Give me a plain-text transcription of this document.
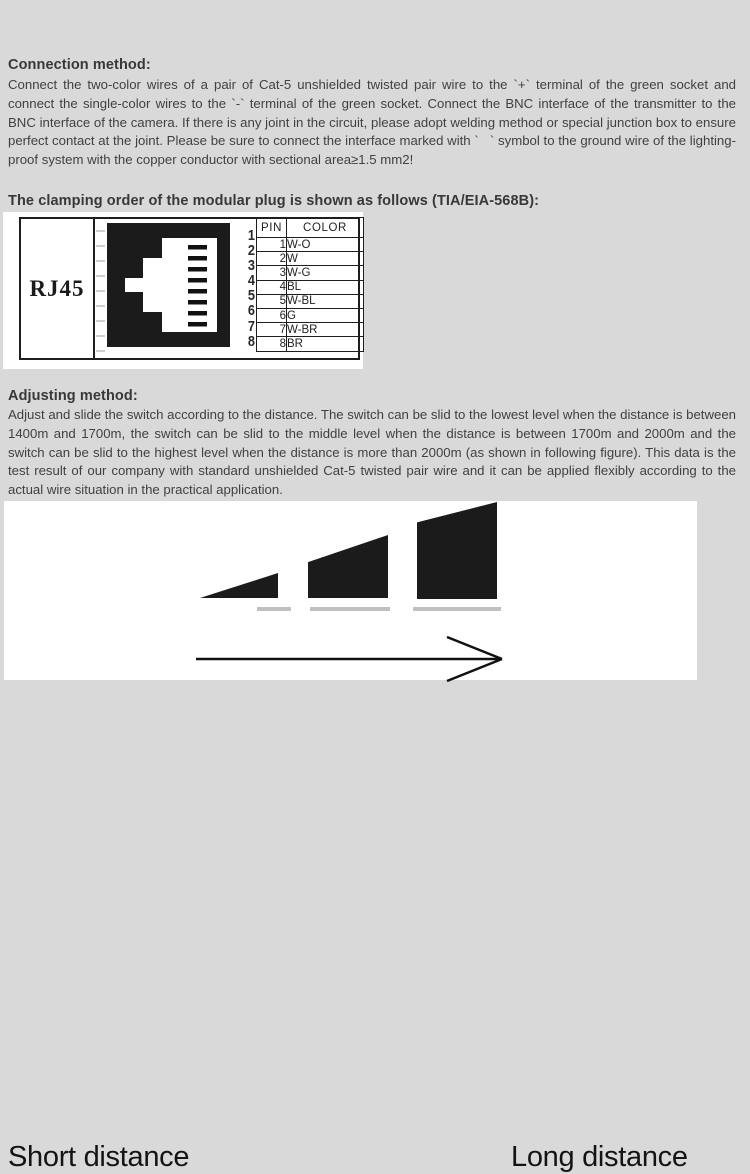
Connection method:
Connect the two-color wires of a pair of Cat-5 unshielded twisted pair wire to the `+` terminal of the green socket and connect the single-color wires to the `-` terminal of the green socket. Connect the BNC interface of the transmitter to the BNC interface of the camera. If there is any joint in the circuit, please adopt welding method or special junction box to ensure perfect contact at the joint. Please be sure to connect the interface marked with `   ` symbol to the ground wire of the lighting-proof system with the copper conductor with sectional area≥1.5 mm2!
The clamping order of the modular plug is shown as follows (TIA/EIA-568B):
RJ45
1
2
3
4
5
6
7
8
PIN	COLOR
1	W-O
2	W
3	W-G
4	BL
5	W-BL
6	G
7	W-BR
8	BR
Adjusting method:
Adjust and slide the switch according to the distance. The switch can be slid to the lowest level when the distance is between 1400m and 1700m, the switch can be slid to the middle level when the distance is between 1700m and 2000m and the switch can be slid to the highest level when the distance is more than 2000m (as shown in following figure). This data is the test result of our company with standard unshielded Cat-5 twisted pair wire and it can be applied flexibly according to the actual wire situation in the practical application.
Short distance	Long distance
